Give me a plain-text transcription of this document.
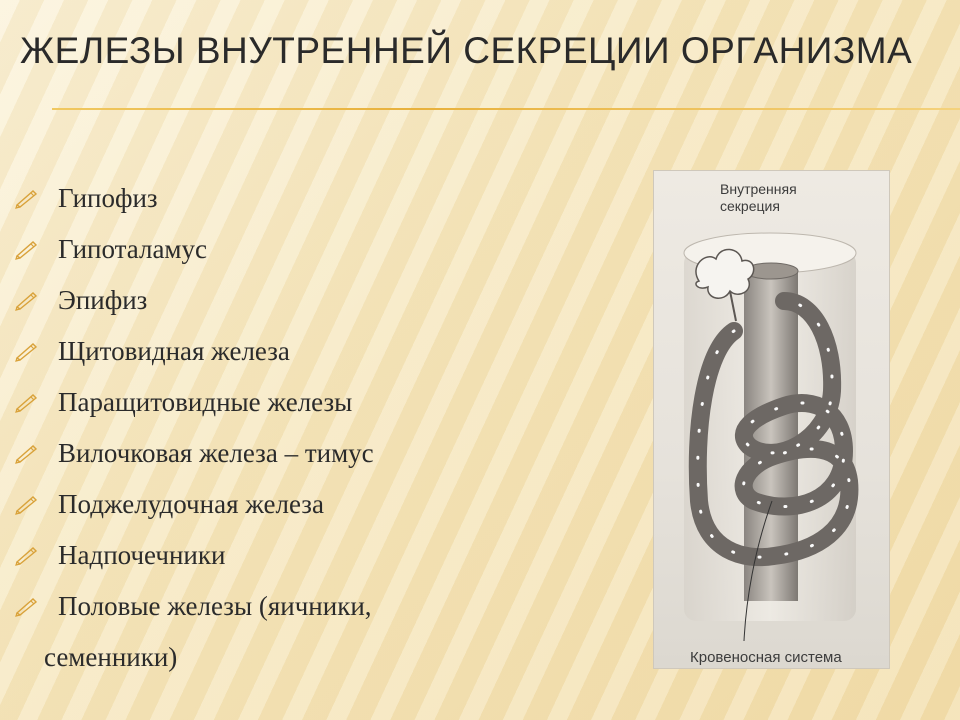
ЖЕЛЕЗЫ ВНУТРЕННЕЙ СЕКРЕЦИИ ОРГАНИЗМА
Гипофиз
Гипоталамус
Эпифиз
Щитовидная железа
Паращитовидные железы
Вилочковая железа – тимус
Поджелудочная железа
Надпочечники
Половые железы (яичники,
семенники)
Внутренняя
секреция
Кровеносная система
